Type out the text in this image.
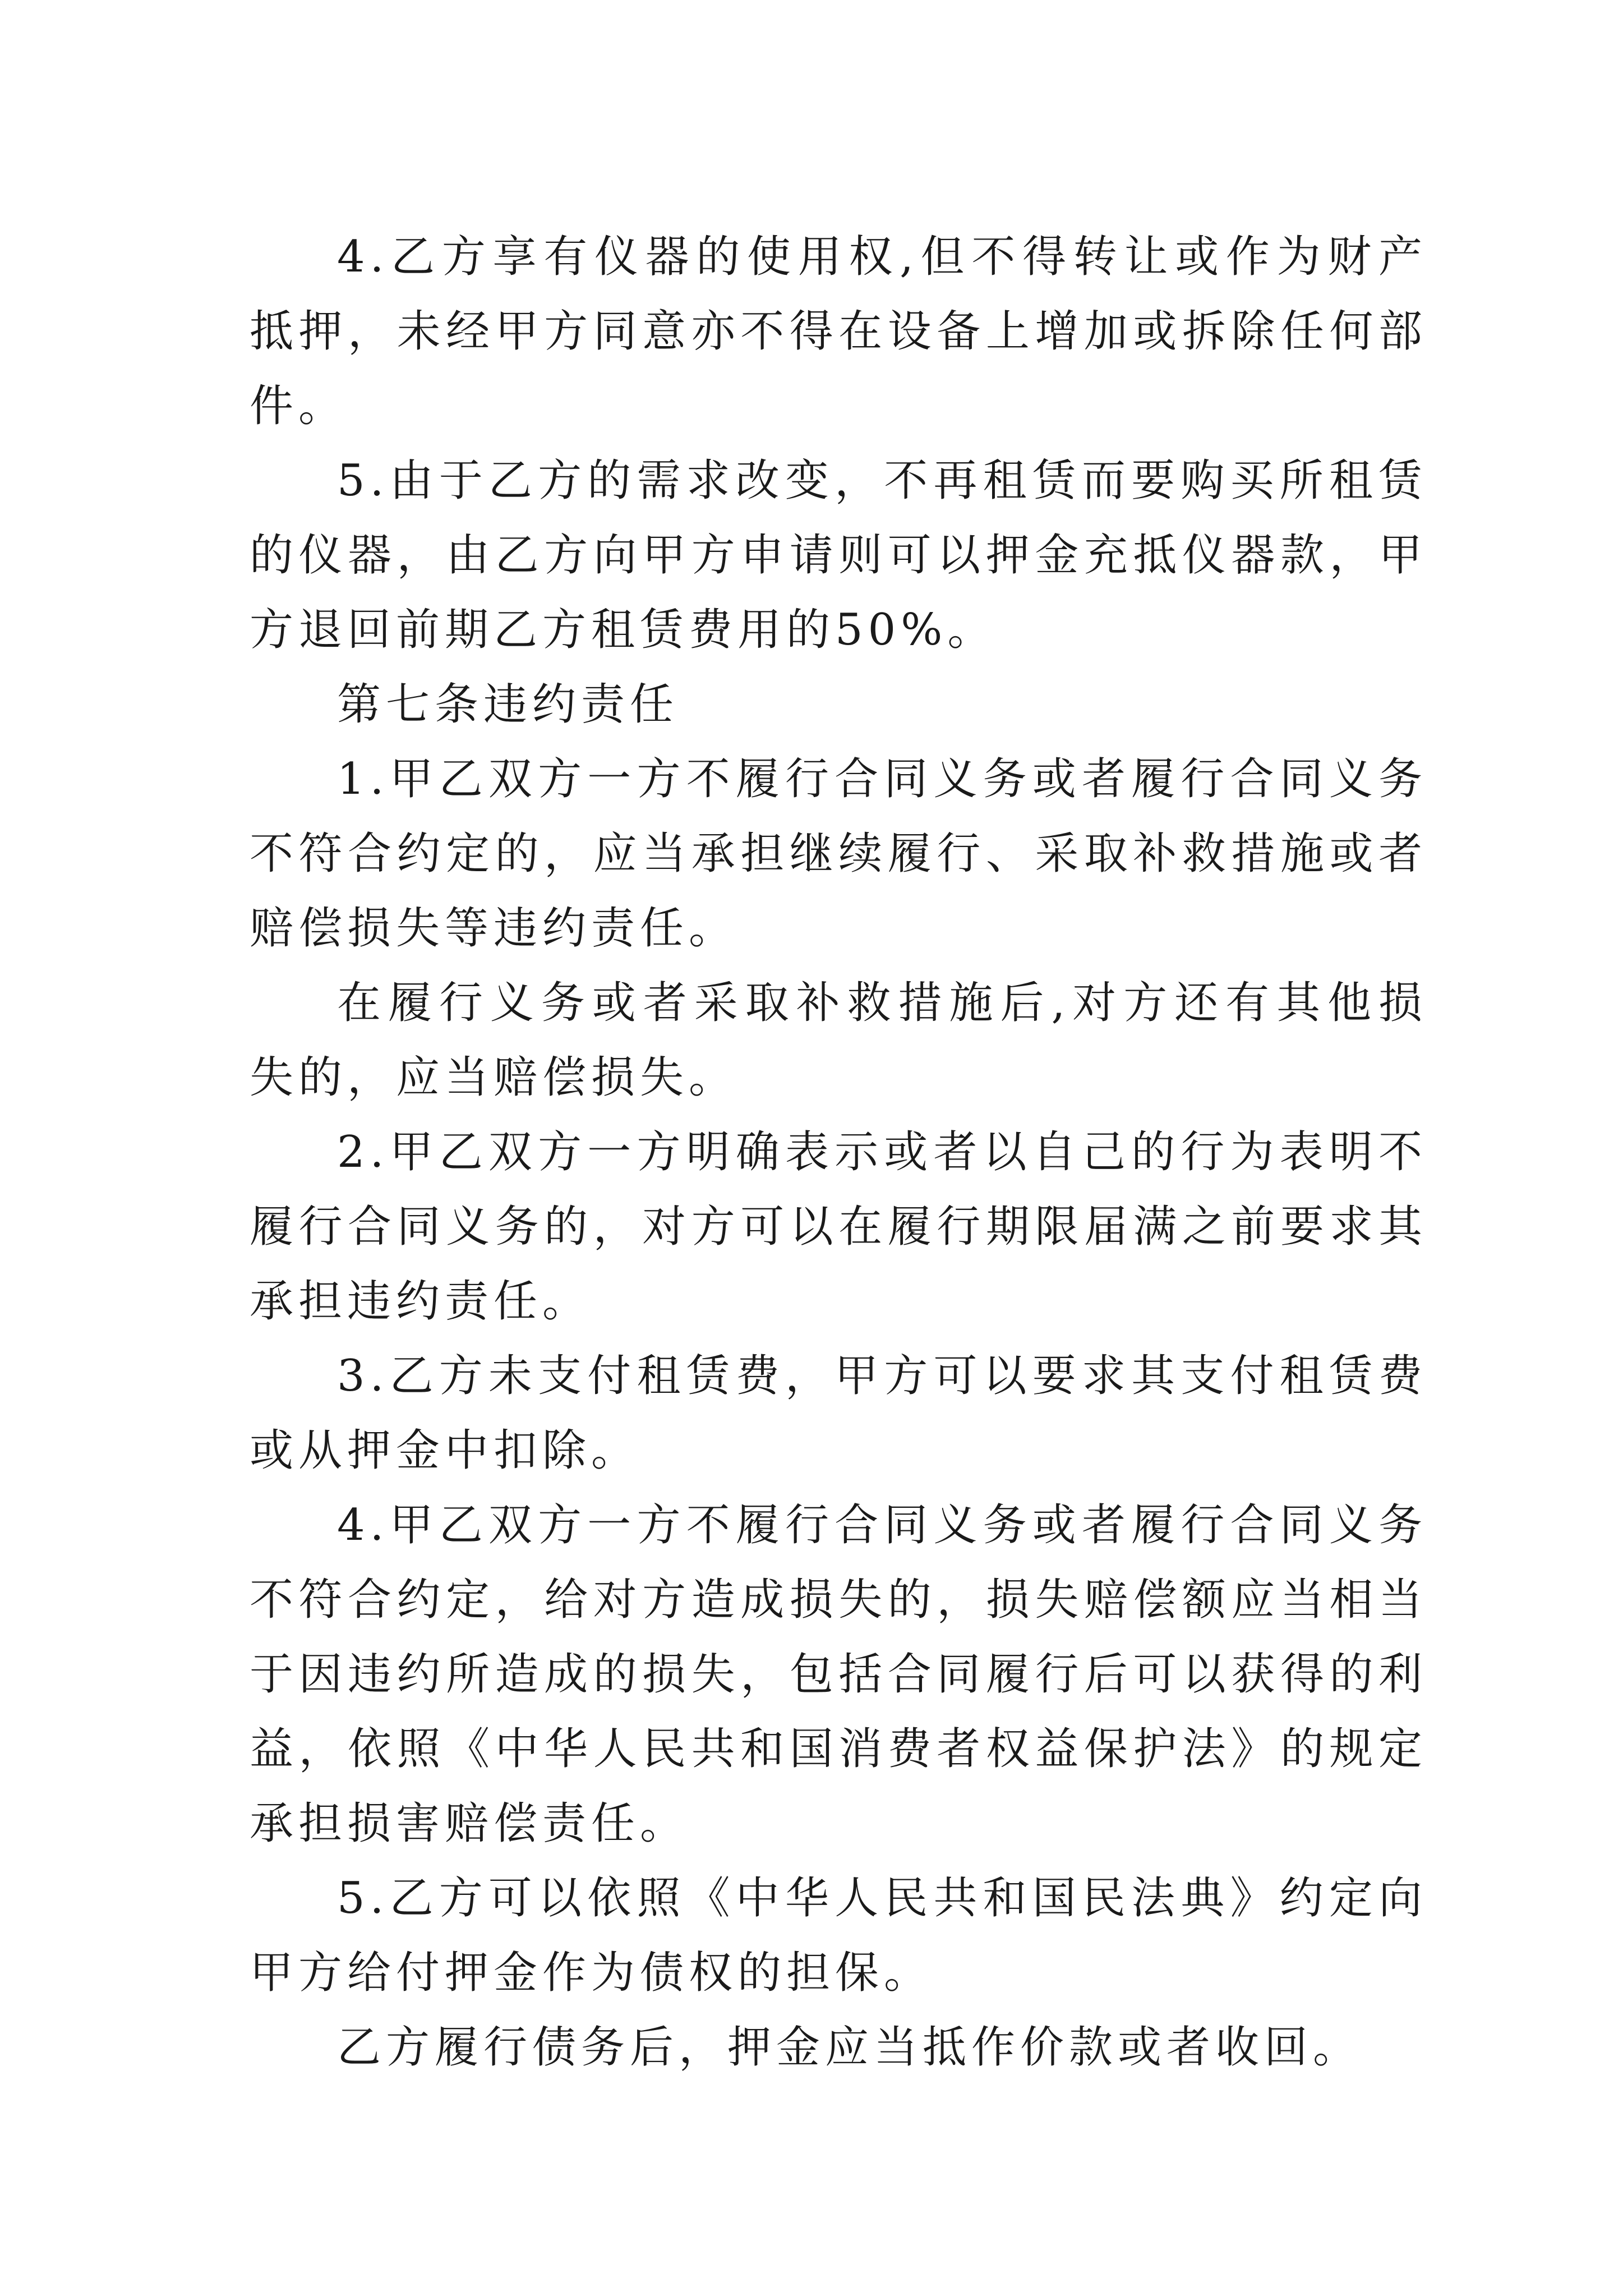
4.乙方享有仪器的使用权,但不得转让或作为财产抵押，未经甲方同意亦不得在设备上增加或拆除任何部件。

5.由于乙方的需求改变，不再租赁而要购买所租赁的仪器，由乙方向甲方申请则可以押金充抵仪器款，甲方退回前期乙方租赁费用的50%。

第七条违约责任

1.甲乙双方一方不履行合同义务或者履行合同义务不符合约定的，应当承担继续履行、采取补救措施或者赔偿损失等违约责任。

在履行义务或者采取补救措施后,对方还有其他损失的，应当赔偿损失。

2.甲乙双方一方明确表示或者以自己的行为表明不履行合同义务的，对方可以在履行期限届满之前要求其承担违约责任。

3.乙方未支付租赁费，甲方可以要求其支付租赁费或从押金中扣除。

4.甲乙双方一方不履行合同义务或者履行合同义务不符合约定，给对方造成损失的，损失赔偿额应当相当于因违约所造成的损失，包括合同履行后可以获得的利益，依照《中华人民共和国消费者权益保护法》的规定承担损害赔偿责任。

5.乙方可以依照《中华人民共和国民法典》约定向甲方给付押金作为债权的担保。

乙方履行债务后，押金应当抵作价款或者收回。
